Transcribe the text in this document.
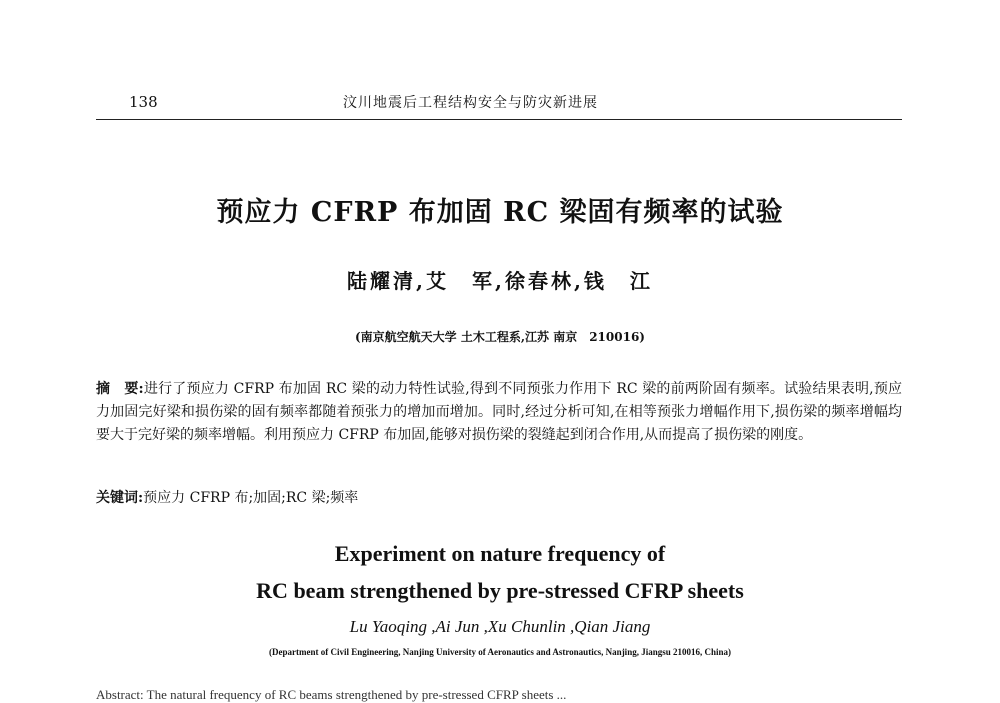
138	汶川地震后工程结构安全与防灾新进展
预应力 CFRP 布加固 RC 梁固有频率的试验
陆耀清,艾　军,徐春林,钱　江
(南京航空航天大学 土木工程系,江苏 南京　210016)
摘　要:进行了预应力 CFRP 布加固 RC 梁的动力特性试验,得到不同预张力作用下 RC 梁的前两阶固有频率。试验结果表明,预应力加固完好梁和损伤梁的固有频率都随着预张力的增加而增加。同时,经过分析可知,在相等预张力增幅作用下,损伤梁的频率增幅均要大于完好梁的频率增幅。利用预应力 CFRP 布加固,能够对损伤梁的裂缝起到闭合作用,从而提高了损伤梁的刚度。
关键词:预应力 CFRP 布;加固;RC 梁;频率
Experiment on nature frequency of
RC beam strengthened by pre-stressed CFRP sheets
Lu Yaoqing ,Ai Jun ,Xu Chunlin ,Qian Jiang
(Department of Civil Engineering, Nanjing University of Aeronautics and Astronautics, Nanjing, Jiangsu 210016, China)
Abstract: The natural frequency of RC beams strengthened by pre-stressed CFRP sheets ...
